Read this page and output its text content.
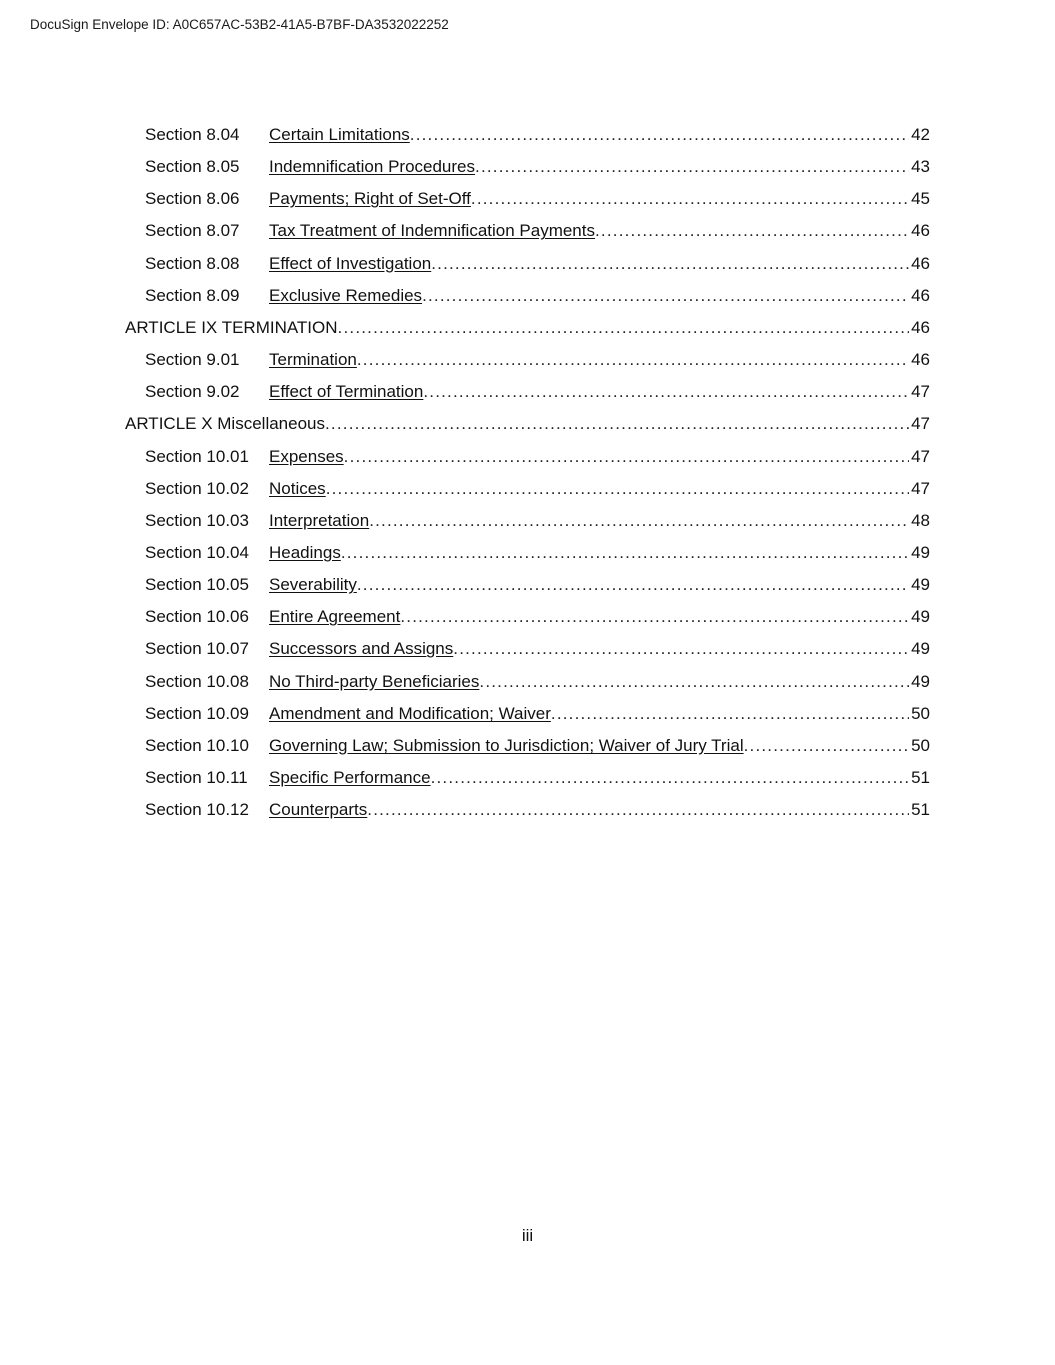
DocuSign Envelope ID: A0C657AC-53B2-41A5-B7BF-DA3532022252
Section 8.04 Certain Limitations .....	42
Section 8.05 Indemnification Procedures .....	43
Section 8.06 Payments; Right of Set-Off .....	45
Section 8.07 Tax Treatment of Indemnification Payments .....	46
Section 8.08 Effect of Investigation .....	46
Section 8.09 Exclusive Remedies .....	46
ARTICLE IX TERMINATION .....	46
Section 9.01 Termination .....	46
Section 9.02 Effect of Termination .....	47
ARTICLE X Miscellaneous .....	47
Section 10.01 Expenses .....	47
Section 10.02 Notices .....	47
Section 10.03 Interpretation .....	48
Section 10.04 Headings .....	49
Section 10.05 Severability .....	49
Section 10.06 Entire Agreement .....	49
Section 10.07 Successors and Assigns .....	49
Section 10.08 No Third-party Beneficiaries .....	49
Section 10.09 Amendment and Modification; Waiver .....	50
Section 10.10 Governing Law; Submission to Jurisdiction; Waiver of Jury Trial .....	50
Section 10.11 Specific Performance .....	51
Section 10.12 Counterparts .....	51
iii
